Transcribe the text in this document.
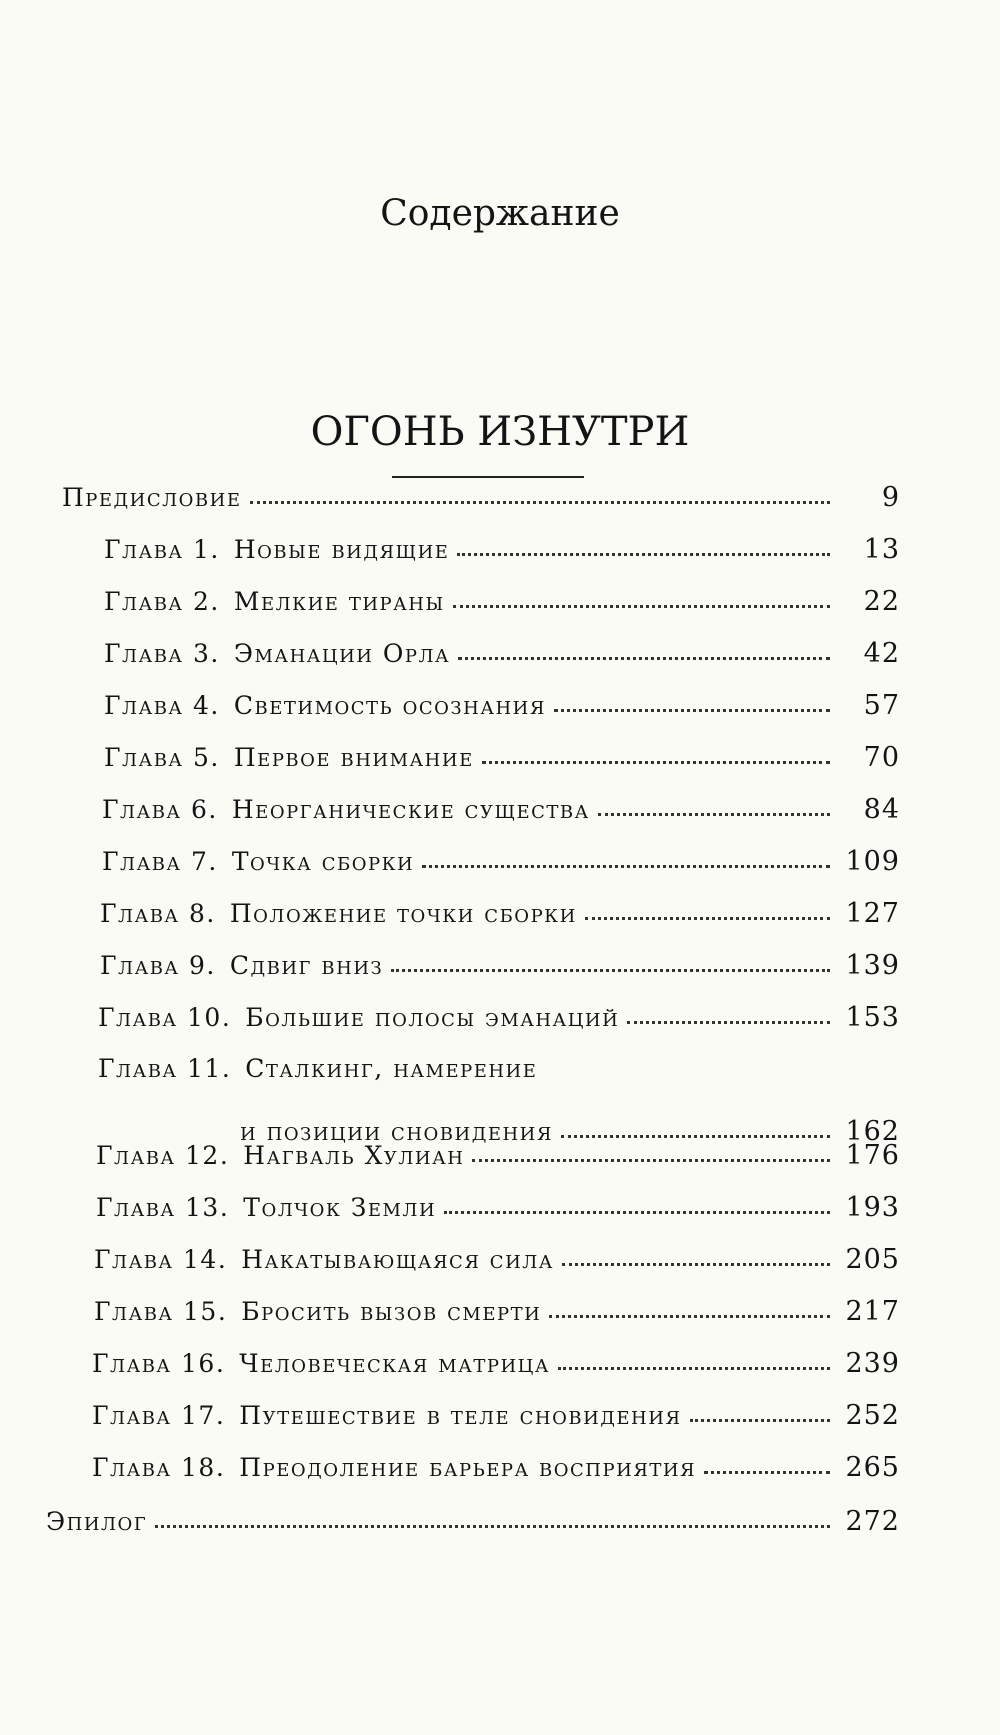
Содержание
ОГОНЬ ИЗНУТРИ
Предисловие	9
Глава 1. Новые видящие	13
Глава 2. Мелкие тираны	22
Глава 3. Эманации Орла	42
Глава 4. Светимость осознания	57
Глава 5. Первое внимание	70
Глава 6. Неорганические существа	84
Глава 7. Точка сборки	109
Глава 8. Положение точки сборки	127
Глава 9. Сдвиг вниз	139
Глава 10. Большие полосы эманаций	153
Глава 11. Сталкинг, намерение
и позиции сновидения	162
Глава 12. Нагваль Хулиан	176
Глава 13. Толчок Земли	193
Глава 14. Накатывающаяся сила	205
Глава 15. Бросить вызов смерти	217
Глава 16. Человеческая матрица	239
Глава 17. Путешествие в теле сновидения	252
Глава 18. Преодоление барьера восприятия	265
Эпилог	272
